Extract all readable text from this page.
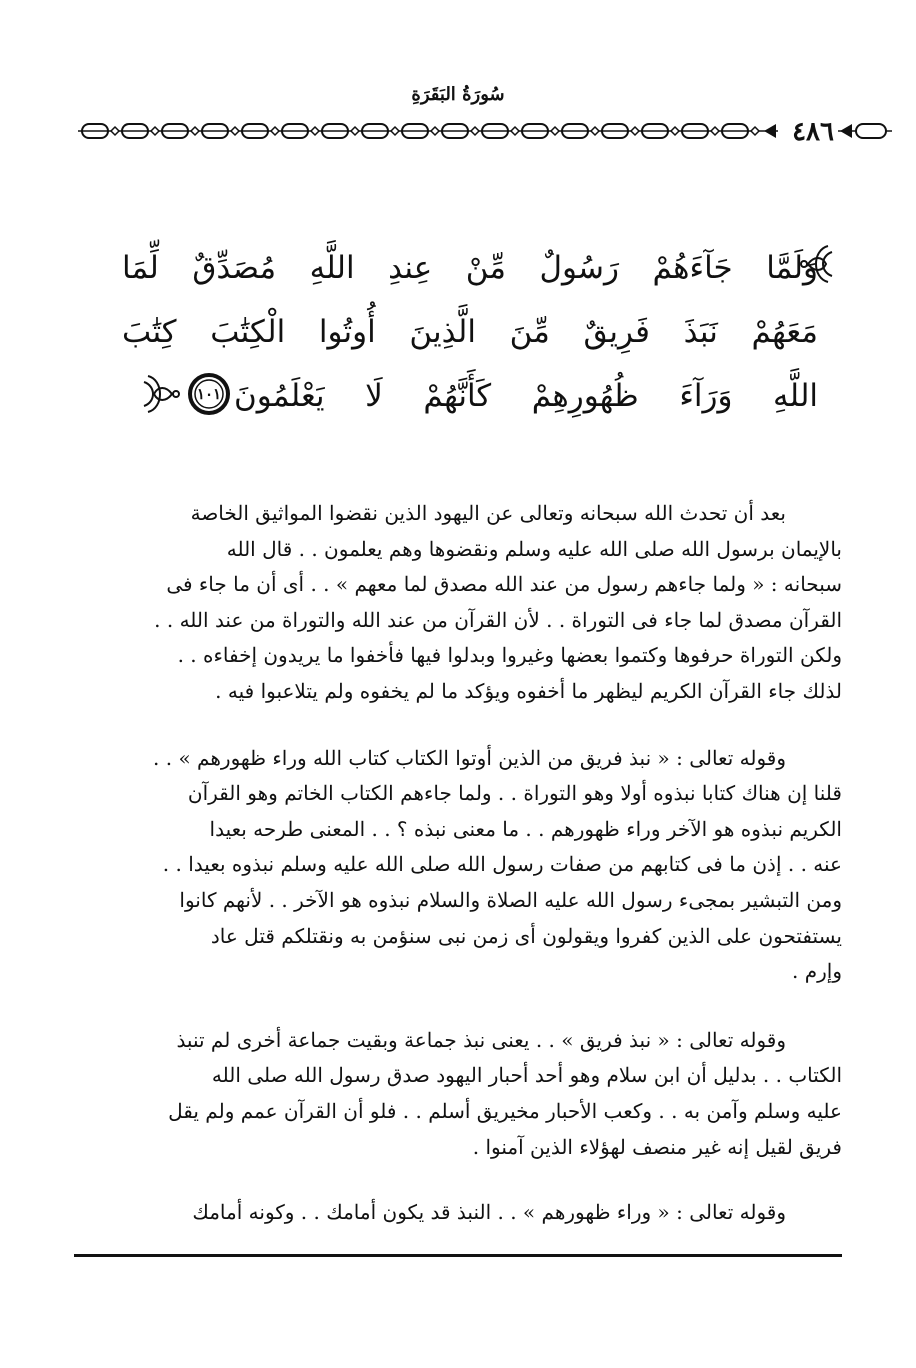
سُورَةُ البَقَرَةِ
٤٨٦
وَلَمَّا جَآءَهُمْ رَسُولٌ مِّنْ عِندِ اللَّهِ مُصَدِّقٌ لِّمَا
مَعَهُمْ نَبَذَ فَرِيقٌ مِّنَ الَّذِينَ أُوتُوا الْكِتَٰبَ كِتَٰبَ
اللَّهِ وَرَآءَ ظُهُورِهِمْ كَأَنَّهُمْ لَا يَعْلَمُونَ
١٠١
بعد أن تحدث الله سبحانه وتعالى عن اليهود الذين نقضوا المواثيق الخاصة
بالإيمان برسول الله صلى الله عليه وسلم ونقضوها وهم يعلمون . . قال الله
سبحانه : « ولما جاءهم رسول من عند الله مصدق لما معهم » . . أى أن ما جاء فى
القرآن مصدق لما جاء فى التوراة . . لأن القرآن من عند الله والتوراة من عند الله . .
ولكن التوراة حرفوها وكتموا بعضها وغيروا وبدلوا فيها فأخفوا ما يريدون إخفاءه . .
لذلك جاء القرآن الكريم ليظهر ما أخفوه ويؤكد ما لم يخفوه ولم يتلاعبوا فيه .
وقوله تعالى : « نبذ فريق من الذين أوتوا الكتاب كتاب الله وراء ظهورهم » . .
قلنا إن هناك كتابا نبذوه أولا وهو التوراة . . ولما جاءهم الكتاب الخاتم وهو القرآن
الكريم نبذوه هو الآخر وراء ظهورهم . . ما معنى نبذه ؟ . . المعنى طرحه بعيدا
عنه . . إذن ما فى كتابهم من صفات رسول الله صلى الله عليه وسلم نبذوه بعيدا . .
ومن التبشير بمجىء رسول الله عليه الصلاة والسلام نبذوه هو الآخر . . لأنهم كانوا
يستفتحون على الذين كفروا ويقولون أى زمن نبى سنؤمن به ونقتلكم قتل عاد
وإرم .
وقوله تعالى : « نبذ فريق » . . يعنى نبذ جماعة وبقيت جماعة أخرى لم تنبذ
الكتاب . . بدليل أن ابن سلام وهو أحد أحبار اليهود صدق رسول الله صلى الله
عليه وسلم وآمن به . . وكعب الأحبار مخيريق أسلم . . فلو أن القرآن عمم ولم يقل
فريق لقيل إنه غير منصف لهؤلاء الذين آمنوا .
وقوله تعالى : « وراء ظهورهم » . . النبذ قد يكون أمامك . . وكونه أمامك
